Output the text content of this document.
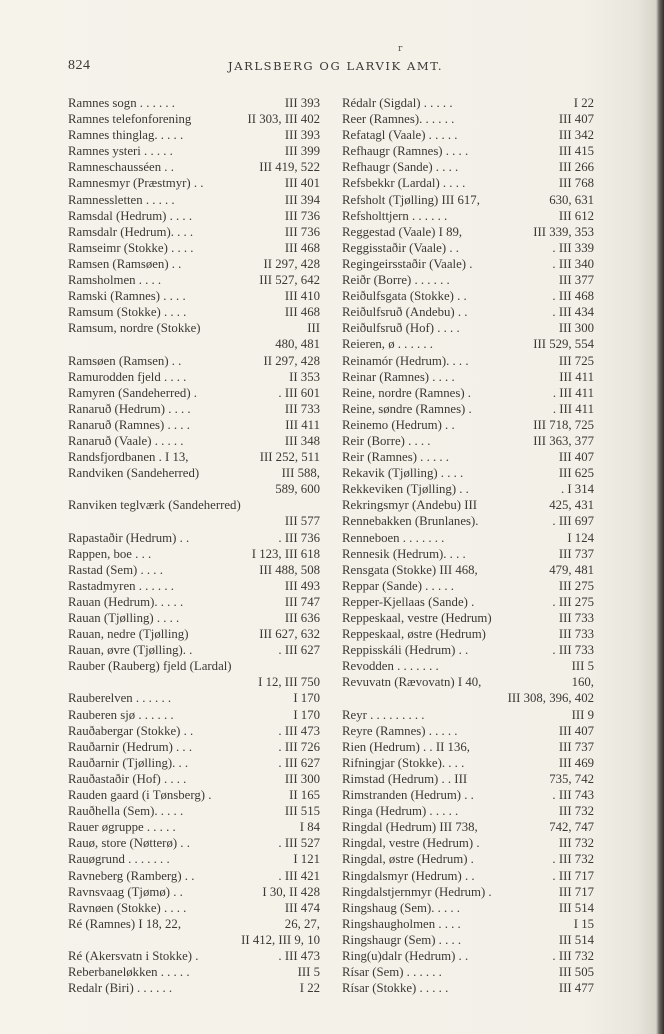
r
824	JARLSBERG OG LARVIK AMT.
Ramnes sogn . . . . . .	III 393
Ramnes telefonforening	II 303, III 402
Ramnes thinglag. . . . .	III 393
Ramnes ysteri . . . . .	III 399
Ramneschausséen . .	III 419, 522
Ramnesmyr (Præstmyr) . .	III 401
Ramnessletten . . . . .	III 394
Ramsdal (Hedrum) . . . .	III 736
Ramsdalr (Hedrum). . . .	III 736
Ramseimr (Stokke) . . . .	III 468
Ramsen (Ramsøen) . .	II 297, 428
Ramsholmen . . . .	III 527, 642
Ramski (Ramnes) . . . .	III 410
Ramsum (Stokke) . . . .	III 468
Ramsum, nordre (Stokke)	III
480, 481
Ramsøen (Ramsen) . .	II 297, 428
Ramurodden fjeld . . . .	II 353
Ramyren (Sandeherred) .	. III 601
Ranaruð (Hedrum) . . . .	III 733
Ranaruð (Ramnes) . . . .	III 411
Ranaruð (Vaale) . . . . .	III 348
Randsfjordbanen . I 13,	III 252, 511
Randviken (Sandeherred)	III 588,
589, 600
Ranviken teglværk (Sandeherred)
III 577
Rapastaðir (Hedrum) . .	. III 736
Rappen, boe . . .	I 123, III 618
Rastad (Sem) . . . .	III 488, 508
Rastadmyren . . . . . .	III 493
Rauan (Hedrum). . . . .	III 747
Rauan (Tjølling) . . . .	III 636
Rauan, nedre (Tjølling)	III 627, 632
Rauan, øvre (Tjølling). .	. III 627
Rauber (Rauberg) fjeld (Lardal)
I 12, III 750
Rauberelven . . . . . .	I 170
Rauberen sjø . . . . . .	I 170
Rauðabergar (Stokke) . .	. III 473
Rauðarnir (Hedrum) . . .	. III 726
Rauðarnir (Tjølling). . .	. III 627
Rauðastaðir (Hof) . . . .	III 300
Rauden gaard (i Tønsberg) .	II 165
Rauðhella (Sem). . . . .	III 515
Rauer øgruppe . . . . .	I 84
Rauø, store (Nøtterø) . .	. III 527
Rauøgrund . . . . . . .	I 121
Ravneberg (Ramberg) . .	. III 421
Ravnsvaag (Tjømø) . .	I 30, II 428
Ravnøen (Stokke) . . . .	III 474
Ré (Ramnes) I 18, 22,	26, 27,
II 412, III 9, 10
Ré (Akersvatn i Stokke) .	. III 473
Reberbaneløkken . . . . .	III 5
Redalr (Biri) . . . . . .	I 22
Rédalr (Sigdal) . . . . .	I 22
Reer (Ramnes). . . . . .	III 407
Refatagl (Vaale) . . . . .	III 342
Refhaugr (Ramnes) . . . .	III 415
Refhaugr (Sande) . . . .	III 266
Refsbekkr (Lardal) . . . .	III 768
Refsholt (Tjølling) III 617,	630, 631
Refsholttjern . . . . . .	III 612
Reggestad (Vaale) I 89,	III 339, 353
Reggisstaðir (Vaale) . .	. III 339
Regingeirsstaðir (Vaale) .	. III 340
Reiðr (Borre) . . . . . .	III 377
Reiðulfsgata (Stokke) . .	. III 468
Reiðulfsruð (Andebu) . .	. III 434
Reiðulfsruð (Hof) . . . .	III 300
Reieren, ø . . . . . .	III 529, 554
Reinamór (Hedrum). . . .	III 725
Reinar (Ramnes) . . . .	III 411
Reine, nordre (Ramnes) .	. III 411
Reine, søndre (Ramnes) .	. III 411
Reinemo (Hedrum) . .	III 718, 725
Reir (Borre) . . . .	III 363, 377
Reir (Ramnes) . . . . .	III 407
Rekavik (Tjølling) . . . .	III 625
Rekkeviken (Tjølling) . .	. I 314
Rekringsmyr (Andebu) III	425, 431
Rennebakken (Brunlanes).	. III 697
Renneboen . . . . . . .	I 124
Rennesik (Hedrum). . . .	III 737
Rensgata (Stokke) III 468,	479, 481
Reppar (Sande) . . . . .	III 275
Repper-Kjellaas (Sande) .	. III 275
Reppeskaal, vestre (Hedrum)	III 733
Reppeskaal, østre (Hedrum)	III 733
Reppisskáli (Hedrum) . .	. III 733
Revodden . . . . . . .	III 5
Revuvatn (Rævovatn) I 40,	160,
III 308, 396, 402
Reyr . . . . . . . . .	III 9
Reyre (Ramnes) . . . . .	III 407
Rien (Hedrum) . . II 136,	III 737
Rifningjar (Stokke). . . .	III 469
Rimstad (Hedrum) . . III	735, 742
Rimstranden (Hedrum) . .	. III 743
Ringa (Hedrum) . . . . .	III 732
Ringdal (Hedrum) III 738,	742, 747
Ringdal, vestre (Hedrum) .	III 732
Ringdal, østre (Hedrum) .	. III 732
Ringdalsmyr (Hedrum) . .	. III 717
Ringdalstjernmyr (Hedrum) .	III 717
Ringshaug (Sem). . . . .	III 514
Ringshaugholmen . . . .	I 15
Ringshaugr (Sem) . . . .	III 514
Ring(u)dalr (Hedrum) . .	. III 732
Rísar (Sem) . . . . . .	III 505
Rísar (Stokke) . . . . .	III 477
